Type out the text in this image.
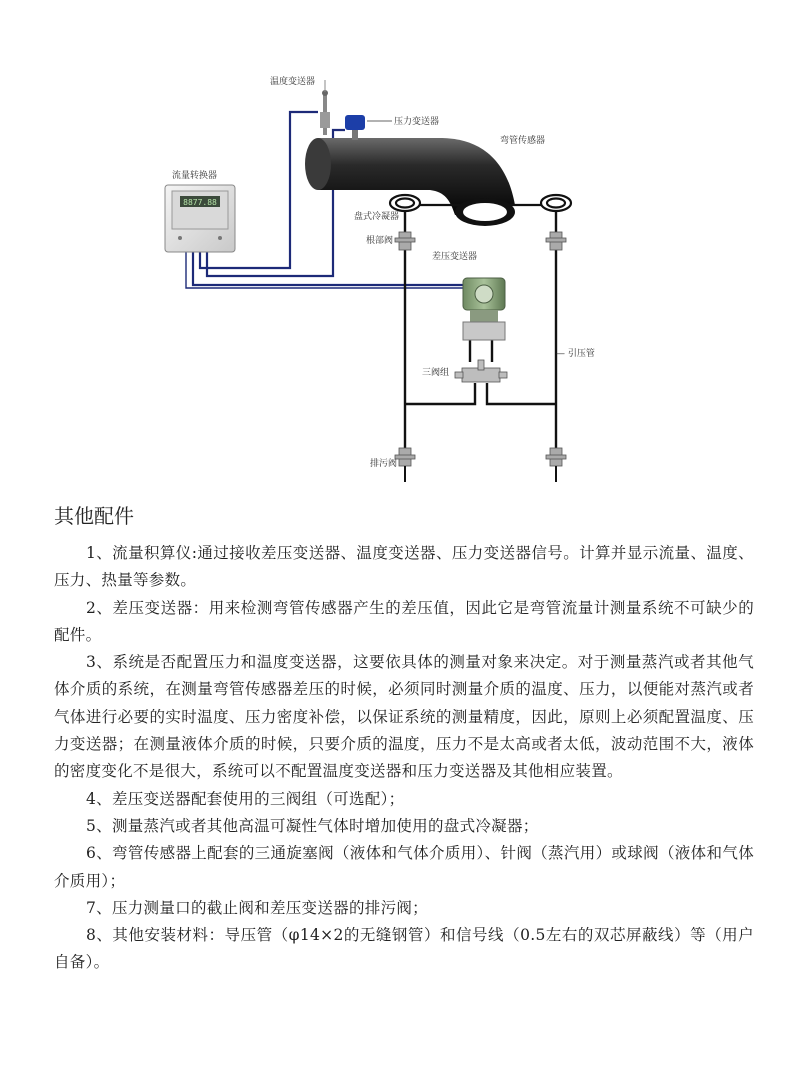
8877.88
温度变送器
压力变送器
弯管传感器
流量转换器
盘式冷凝器
根部阀
差压变送器
— 引压管
三阀组
排污阀
其他配件

1、流量积算仪:通过接收差压变送器、温度变送器、压力变送器信号。计算并显示流量、温度、压力、热量等参数。

2、差压变送器：用来检测弯管传感器产生的差压值，因此它是弯管流量计测量系统不可缺少的配件。

3、系统是否配置压力和温度变送器，这要依具体的测量对象来决定。对于测量蒸汽或者其他气体介质的系统，在测量弯管传感器差压的时候，必须同时测量介质的温度、压力，以便能对蒸汽或者气体进行必要的实时温度、压力密度补偿，以保证系统的测量精度，因此，原则上必须配置温度、压力变送器；在测量液体介质的时候，只要介质的温度，压力不是太高或者太低，波动范围不大，液体的密度变化不是很大，系统可以不配置温度变送器和压力变送器及其他相应装置。

4、差压变送器配套使用的三阀组（可选配）；

5、测量蒸汽或者其他高温可凝性气体时增加使用的盘式冷凝器；

6、弯管传感器上配套的三通旋塞阀（液体和气体介质用）、针阀（蒸汽用）或球阀（液体和气体介质用）；

7、压力测量口的截止阀和差压变送器的排污阀；

8、其他安装材料：导压管（φ14×2的无缝钢管）和信号线（0.5左右的双芯屏蔽线）等（用户自备）。
